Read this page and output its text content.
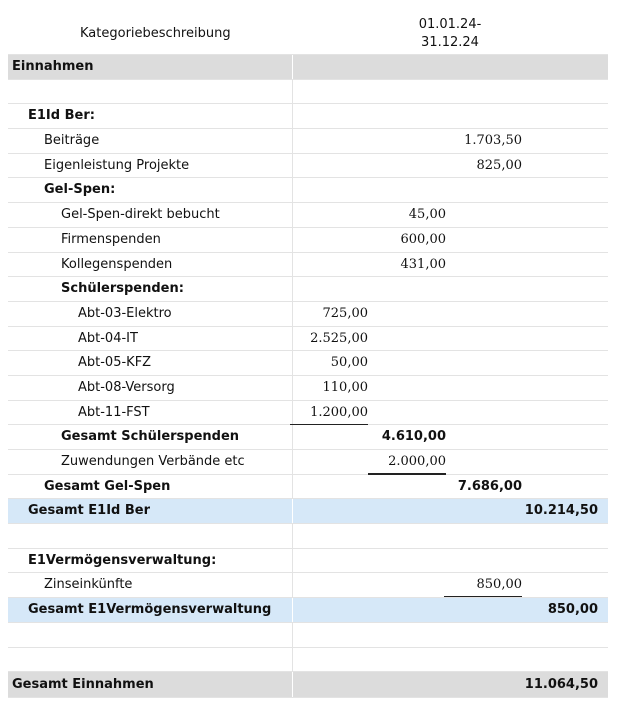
Kategoriebeschreibung
01.01.24-
31.12.24
Einnahmen
E1Id Ber:
Beiträge	1.703,50
Eigenleistung Projekte	825,00
Gel-Spen:
Gel-Spen-direkt bebucht	45,00
Firmenspenden	600,00
Kollegenspenden	431,00
Schülerspenden:
Abt-03-Elektro	725,00
Abt-04-IT	2.525,00
Abt-05-KFZ	50,00
Abt-08-Versorg	110,00
Abt-11-FST	1.200,00
Gesamt Schülerspenden	4.610,00
Zuwendungen Verbände etc	2.000,00
Gesamt Gel-Spen	7.686,00
Gesamt E1Id Ber	10.214,50
E1Vermögensverwaltung:
Zinseinkünfte	850,00
Gesamt E1Vermögensverwaltung	850,00
Gesamt Einnahmen	11.064,50
